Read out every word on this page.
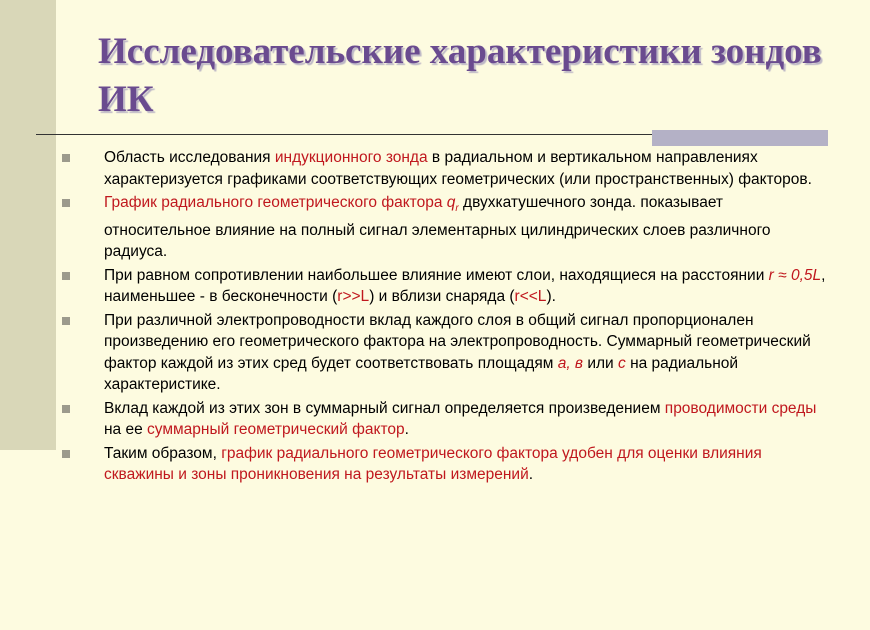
Исследовательские характеристики зондов ИК
Область исследования индукционного зонда в радиальном и вертикальном направлениях характеризуется графиками соответствующих геометрических (или пространственных) факторов.
График радиального геометрического фактора $q_r$ двухкатушечного зонда. показывает относительное влияние на полный сигнал элементарных цилиндрических слоев различного радиуса.
При равном сопротивлении наибольшее влияние имеют слои, находящиеся на расстоянии r ≈ 0,5L, наименьшее - в бесконечности (r>>L) и вблизи снаряда (r<<L).
При различной электропроводности вклад каждого слоя в общий сигнал пропорционален произведению его геометрического фактора на электропроводность. Суммарный геометрический фактор каждой из этих сред будет соответствовать площадям а, в или с на радиальной характеристике.
Вклад каждой из этих зон в суммарный сигнал определяется произведением проводимости среды на ее суммарный геометрический фактор.
Таким образом, график радиального геометрического фактора удобен для оценки влияния скважины и зоны проникновения на результаты измерений.
